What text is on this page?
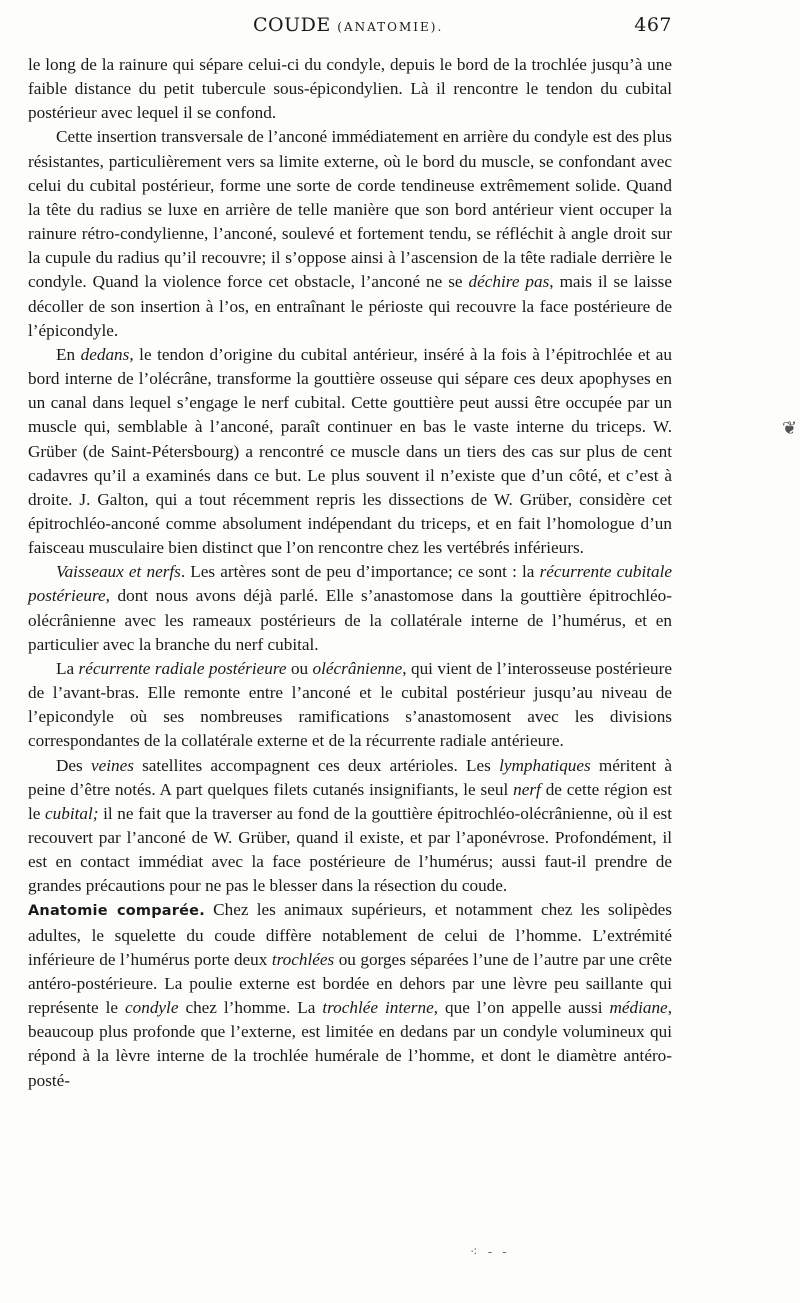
COUDE (ANATOMIE).	467

le long de la rainure qui sépare celui-ci du condyle, depuis le bord de la trochlée jusqu’à une faible distance du petit tubercule sous-épicondylien. Là il rencontre le tendon du cubital postérieur avec lequel il se confond.

Cette insertion transversale de l’anconé immédiatement en arrière du condyle est des plus résistantes, particulièrement vers sa limite externe, où le bord du muscle, se confondant avec celui du cubital postérieur, forme une sorte de corde tendineuse extrêmement solide. Quand la tête du radius se luxe en arrière de telle manière que son bord antérieur vient occuper la rainure rétro-condylienne, l’anconé, soulevé et fortement tendu, se réfléchit à angle droit sur la cupule du radius qu’il recouvre; il s’oppose ainsi à l’ascension de la tête radiale derrière le condyle. Quand la violence force cet obstacle, l’anconé ne se déchire pas, mais il se laisse décoller de son insertion à l’os, en entraînant le périoste qui recouvre la face postérieure de l’épicondyle.

En dedans, le tendon d’origine du cubital antérieur, inséré à la fois à l’épitrochlée et au bord interne de l’olécrâne, transforme la gouttière osseuse qui sépare ces deux apophyses en un canal dans lequel s’engage le nerf cubital. Cette gouttière peut aussi être occupée par un muscle qui, semblable à l’anconé, paraît continuer en bas le vaste interne du triceps. W. Grüber (de Saint-Pétersbourg) a rencontré ce muscle dans un tiers des cas sur plus de cent cadavres qu’il a examinés dans ce but. Le plus souvent il n’existe que d’un côté, et c’est à droite. J. Galton, qui a tout récemment repris les dissections de W. Grüber, considère cet épitrochléo-anconé comme absolument indépendant du triceps, et en fait l’homologue d’un faisceau musculaire bien distinct que l’on rencontre chez les vertébrés inférieurs.

Vaisseaux et nerfs. Les artères sont de peu d’importance; ce sont : la récurrente cubitale postérieure, dont nous avons déjà parlé. Elle s’anastomose dans la gouttière épitrochléo-olécrânienne avec les rameaux postérieurs de la collatérale interne de l’humérus, et en particulier avec la branche du nerf cubital.

La récurrente radiale postérieure ou olécrânienne, qui vient de l’interosseuse postérieure de l’avant-bras. Elle remonte entre l’anconé et le cubital postérieur jusqu’au niveau de l’epicondyle où ses nombreuses ramifications s’anastomosent avec les divisions correspondantes de la collatérale externe et de la récurrente radiale antérieure.

Des veines satellites accompagnent ces deux artérioles. Les lymphatiques méritent à peine d’être notés. A part quelques filets cutanés insignifiants, le seul nerf de cette région est le cubital; il ne fait que la traverser au fond de la gouttière épitrochléo-olécrânienne, où il est recouvert par l’anconé de W. Grüber, quand il existe, et par l’aponévrose. Profondément, il est en contact immédiat avec la face postérieure de l’humérus; aussi faut-il prendre de grandes précautions pour ne pas le blesser dans la résection du coude.

Anatomie comparée. Chez les animaux supérieurs, et notamment chez les solipèdes adultes, le squelette du coude diffère notablement de celui de l’homme. L’extrémité inférieure de l’humérus porte deux trochlées ou gorges séparées l’une de l’autre par une crête antéro-postérieure. La poulie externe est bordée en dehors par une lèvre peu saillante qui représente le condyle chez l’homme. La trochlée interne, que l’on appelle aussi médiane, beaucoup plus profonde que l’externe, est limitée en dedans par un condyle volumineux qui répond à la lèvre interne de la trochlée humérale de l’homme, et dont le diamètre antéro-posté-

❦
⁖ ‐ ‐
